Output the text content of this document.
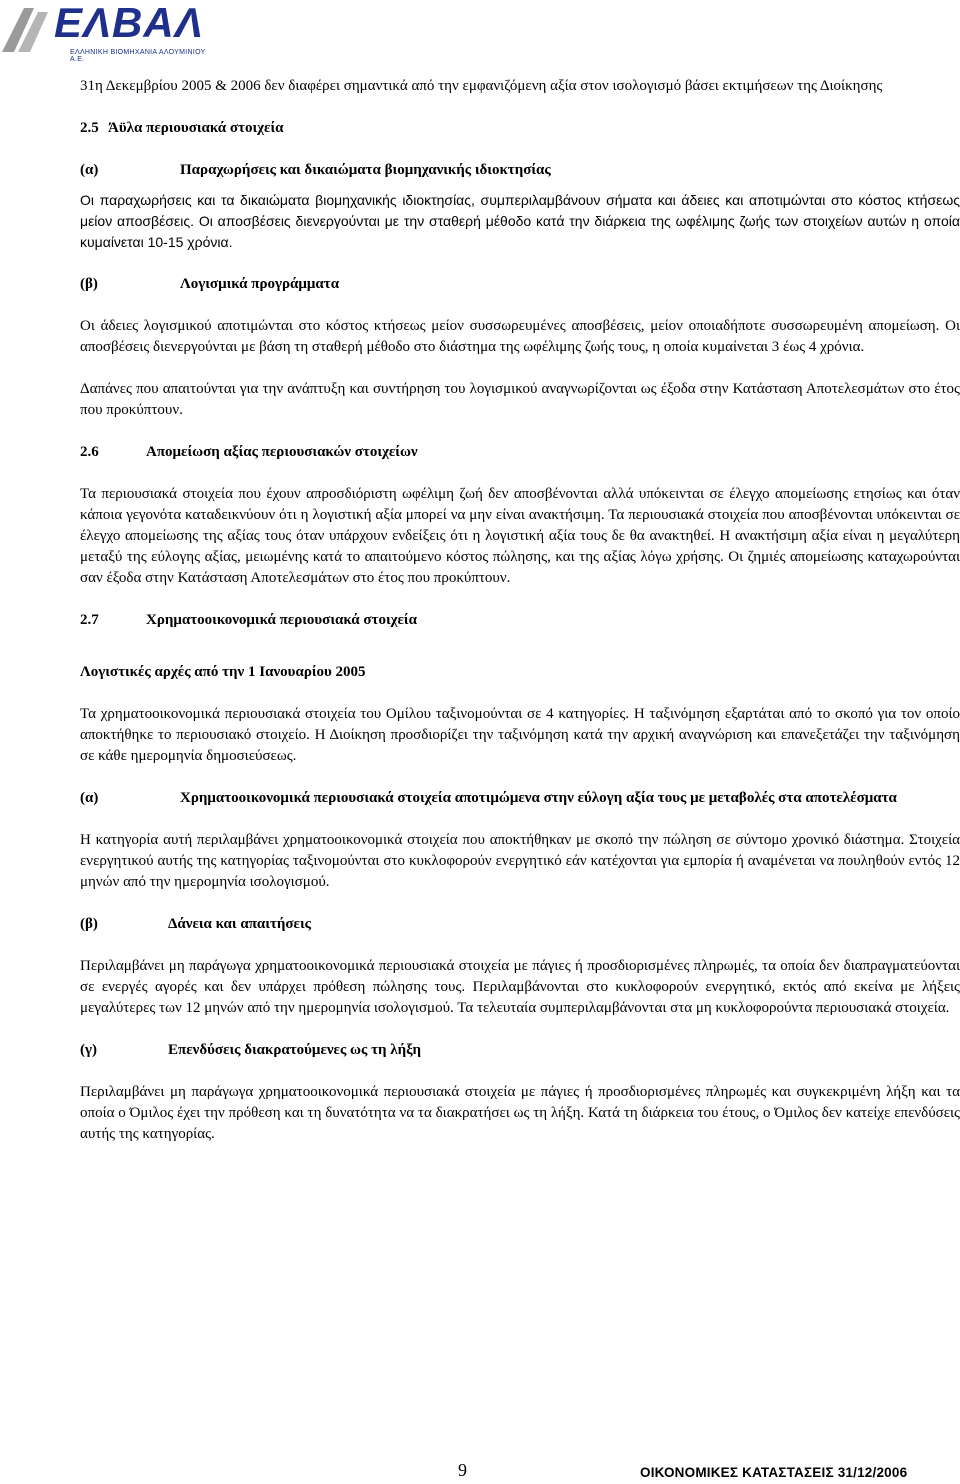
ΕΛΒΑΛ
ΕΛΛΗΝΙΚΗ ΒΙΟΜΗΧΑΝΙΑ ΑΛΟΥΜΙΝΙΟΥ Α.Ε.

31η Δεκεμβρίου 2005 & 2006 δεν διαφέρει σημαντικά από την εμφανιζόμενη αξία στον ισολογισμό βάσει εκτιμήσεων της Διοίκησης

2.5 Άϋλα περιουσιακά στοιχεία
(α)	Παραχωρήσεις και δικαιώματα βιομηχανικής ιδιοκτησίας

Οι παραχωρήσεις και τα δικαιώματα βιομηχανικής ιδιοκτησίας, συμπεριλαμβάνουν σήματα και άδειες και αποτιμώνται στο κόστος κτήσεως μείον αποσβέσεις. Οι αποσβέσεις διενεργούνται με την σταθερή μέθοδο κατά την διάρκεια της ωφέλιμης ζωής των στοιχείων αυτών η οποία κυμαίνεται 10-15 χρόνια.

(β)	Λογισμικά προγράμματα

Οι άδειες λογισμικού αποτιμώνται στο κόστος κτήσεως μείον συσσωρευμένες αποσβέσεις, μείον οποιαδήποτε συσσωρευμένη απομείωση. Οι αποσβέσεις διενεργούνται με βάση τη σταθερή μέθοδο στο διάστημα της ωφέλιμης ζωής τους, η οποία κυμαίνεται 3 έως 4 χρόνια.

Δαπάνες που απαιτούνται για την ανάπτυξη και συντήρηση του λογισμικού αναγνωρίζονται ως έξοδα στην Κατάσταση Αποτελεσμάτων στο έτος που προκύπτουν.

2.6	Απομείωση αξίας περιουσιακών στοιχείων

Τα περιουσιακά στοιχεία που έχουν απροσδιόριστη ωφέλιμη ζωή δεν αποσβένονται αλλά υπόκεινται σε έλεγχο απομείωσης ετησίως και όταν κάποια γεγονότα καταδεικνύουν ότι η λογιστική αξία μπορεί να μην είναι ανακτήσιμη. Τα περιουσιακά στοιχεία που αποσβένονται υπόκεινται σε έλεγχο απομείωσης της αξίας τους όταν υπάρχουν ενδείξεις ότι η λογιστική αξία τους δε θα ανακτηθεί. Η ανακτήσιμη αξία είναι η μεγαλύτερη μεταξύ της εύλογης αξίας, μειωμένης κατά το απαιτούμενο κόστος πώλησης, και της αξίας λόγω χρήσης. Οι ζημιές απομείωσης καταχωρούνται σαν έξοδα στην Κατάσταση Αποτελεσμάτων στο έτος που προκύπτουν.

2.7	Χρηματοοικονομικά περιουσιακά στοιχεία

Λογιστικές αρχές από την 1 Ιανουαρίου 2005

Τα χρηματοοικονομικά περιουσιακά στοιχεία του Ομίλου ταξινομούνται σε 4 κατηγορίες. Η ταξινόμηση εξαρτάται από το σκοπό για τον οποίο αποκτήθηκε το περιουσιακό στοιχείο. Η Διοίκηση προσδιορίζει την ταξινόμηση κατά την αρχική αναγνώριση και επανεξετάζει την ταξινόμηση σε κάθε ημερομηνία δημοσιεύσεως.

(α)	Χρηματοοικονομικά περιουσιακά στοιχεία αποτιμώμενα στην εύλογη αξία τους με μεταβολές στα αποτελέσματα

Η κατηγορία αυτή περιλαμβάνει χρηματοοικονομικά στοιχεία που αποκτήθηκαν με σκοπό την πώληση σε σύντομο χρονικό διάστημα. Στοιχεία ενεργητικού αυτής της κατηγορίας ταξινομούνται στο κυκλοφορούν ενεργητικό εάν κατέχονται για εμπορία ή αναμένεται να πουληθούν εντός 12 μηνών από την ημερομηνία ισολογισμού.

(β)	Δάνεια και απαιτήσεις

Περιλαμβάνει μη παράγωγα χρηματοοικονομικά περιουσιακά στοιχεία με πάγιες ή προσδιορισμένες πληρωμές, τα οποία δεν διαπραγματεύονται σε ενεργές αγορές και δεν υπάρχει πρόθεση πώλησης τους. Περιλαμβάνονται στο κυκλοφορούν ενεργητικό, εκτός από εκείνα με λήξεις μεγαλύτερες των 12 μηνών από την ημερομηνία ισολογισμού. Τα τελευταία συμπεριλαμβάνονται στα μη κυκλοφορούντα περιουσιακά στοιχεία.

(γ)	Επενδύσεις διακρατούμενες ως τη λήξη

Περιλαμβάνει μη παράγωγα χρηματοοικονομικά περιουσιακά στοιχεία με πάγιες ή προσδιορισμένες πληρωμές και συγκεκριμένη λήξη και τα οποία ο Όμιλος έχει την πρόθεση και τη δυνατότητα να τα διακρατήσει ως τη λήξη. Κατά τη διάρκεια του έτους, ο Όμιλος δεν κατείχε επενδύσεις αυτής της κατηγορίας.

9	ΟΙΚΟΝΟΜΙΚΕΣ ΚΑΤΑΣΤΑΣΕΙΣ 31/12/2006
